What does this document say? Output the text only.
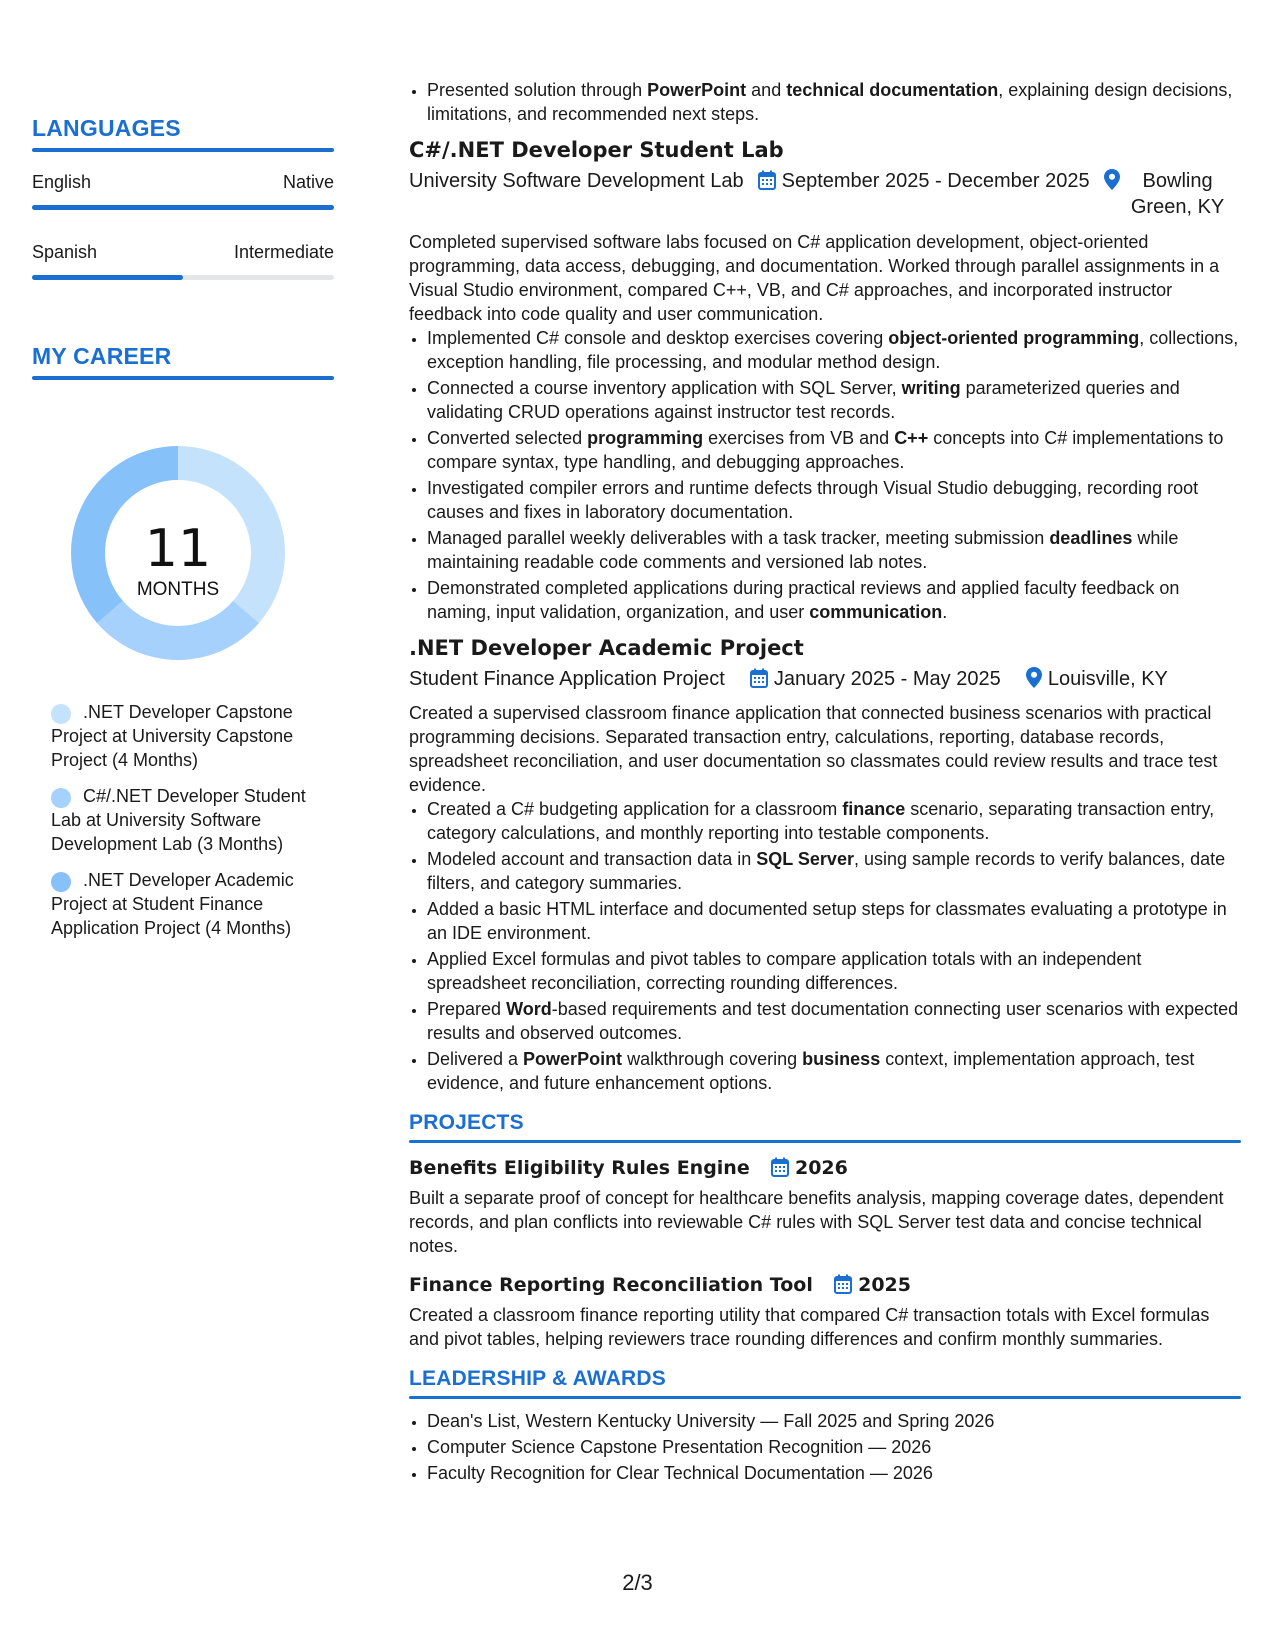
LANGUAGES
English	Native
Spanish	Intermediate
MY CAREER
11
MONTHS
.NET Developer Capstone Project at University Capstone Project (4 Months)
C#/.NET Developer Student Lab at University Software Development Lab (3 Months)
.NET Developer Academic Project at Student Finance Application Project (4 Months)
• Presented solution through PowerPoint and technical documentation, explaining design decisions, limitations, and recommended next steps.
C#/.NET Developer Student Lab
University Software Development Lab	September 2025 - December 2025	Bowling Green, KY
Completed supervised software labs focused on C# application development, object-oriented programming, data access, debugging, and documentation. Worked through parallel assignments in a Visual Studio environment, compared C++, VB, and C# approaches, and incorporated instructor feedback into code quality and user communication.
• Implemented C# console and desktop exercises covering object-oriented programming, collections, exception handling, file processing, and modular method design.
• Connected a course inventory application with SQL Server, writing parameterized queries and validating CRUD operations against instructor test records.
• Converted selected programming exercises from VB and C++ concepts into C# implementations to compare syntax, type handling, and debugging approaches.
• Investigated compiler errors and runtime defects through Visual Studio debugging, recording root causes and fixes in laboratory documentation.
• Managed parallel weekly deliverables with a task tracker, meeting submission deadlines while maintaining readable code comments and versioned lab notes.
• Demonstrated completed applications during practical reviews and applied faculty feedback on naming, input validation, organization, and user communication.
.NET Developer Academic Project
Student Finance Application Project January 2025 - May 2025 Louisville, KY
Created a supervised classroom finance application that connected business scenarios with practical programming decisions. Separated transaction entry, calculations, reporting, database records, spreadsheet reconciliation, and user documentation so classmates could review results and trace test evidence.
• Created a C# budgeting application for a classroom finance scenario, separating transaction entry, category calculations, and monthly reporting into testable components.
• Modeled account and transaction data in SQL Server, using sample records to verify balances, date filters, and category summaries.
• Added a basic HTML interface and documented setup steps for classmates evaluating a prototype in an IDE environment.
• Applied Excel formulas and pivot tables to compare application totals with an independent spreadsheet reconciliation, correcting rounding differences.
• Prepared Word-based requirements and test documentation connecting user scenarios with expected results and observed outcomes.
• Delivered a PowerPoint walkthrough covering business context, implementation approach, test evidence, and future enhancement options.
PROJECTS
Benefits Eligibility Rules Engine 2026
Built a separate proof of concept for healthcare benefits analysis, mapping coverage dates, dependent records, and plan conflicts into reviewable C# rules with SQL Server test data and concise technical notes.
Finance Reporting Reconciliation Tool 2025
Created a classroom finance reporting utility that compared C# transaction totals with Excel formulas and pivot tables, helping reviewers trace rounding differences and confirm monthly summaries.
LEADERSHIP & AWARDS
• Dean's List, Western Kentucky University — Fall 2025 and Spring 2026
• Computer Science Capstone Presentation Recognition — 2026
• Faculty Recognition for Clear Technical Documentation — 2026
2/3
